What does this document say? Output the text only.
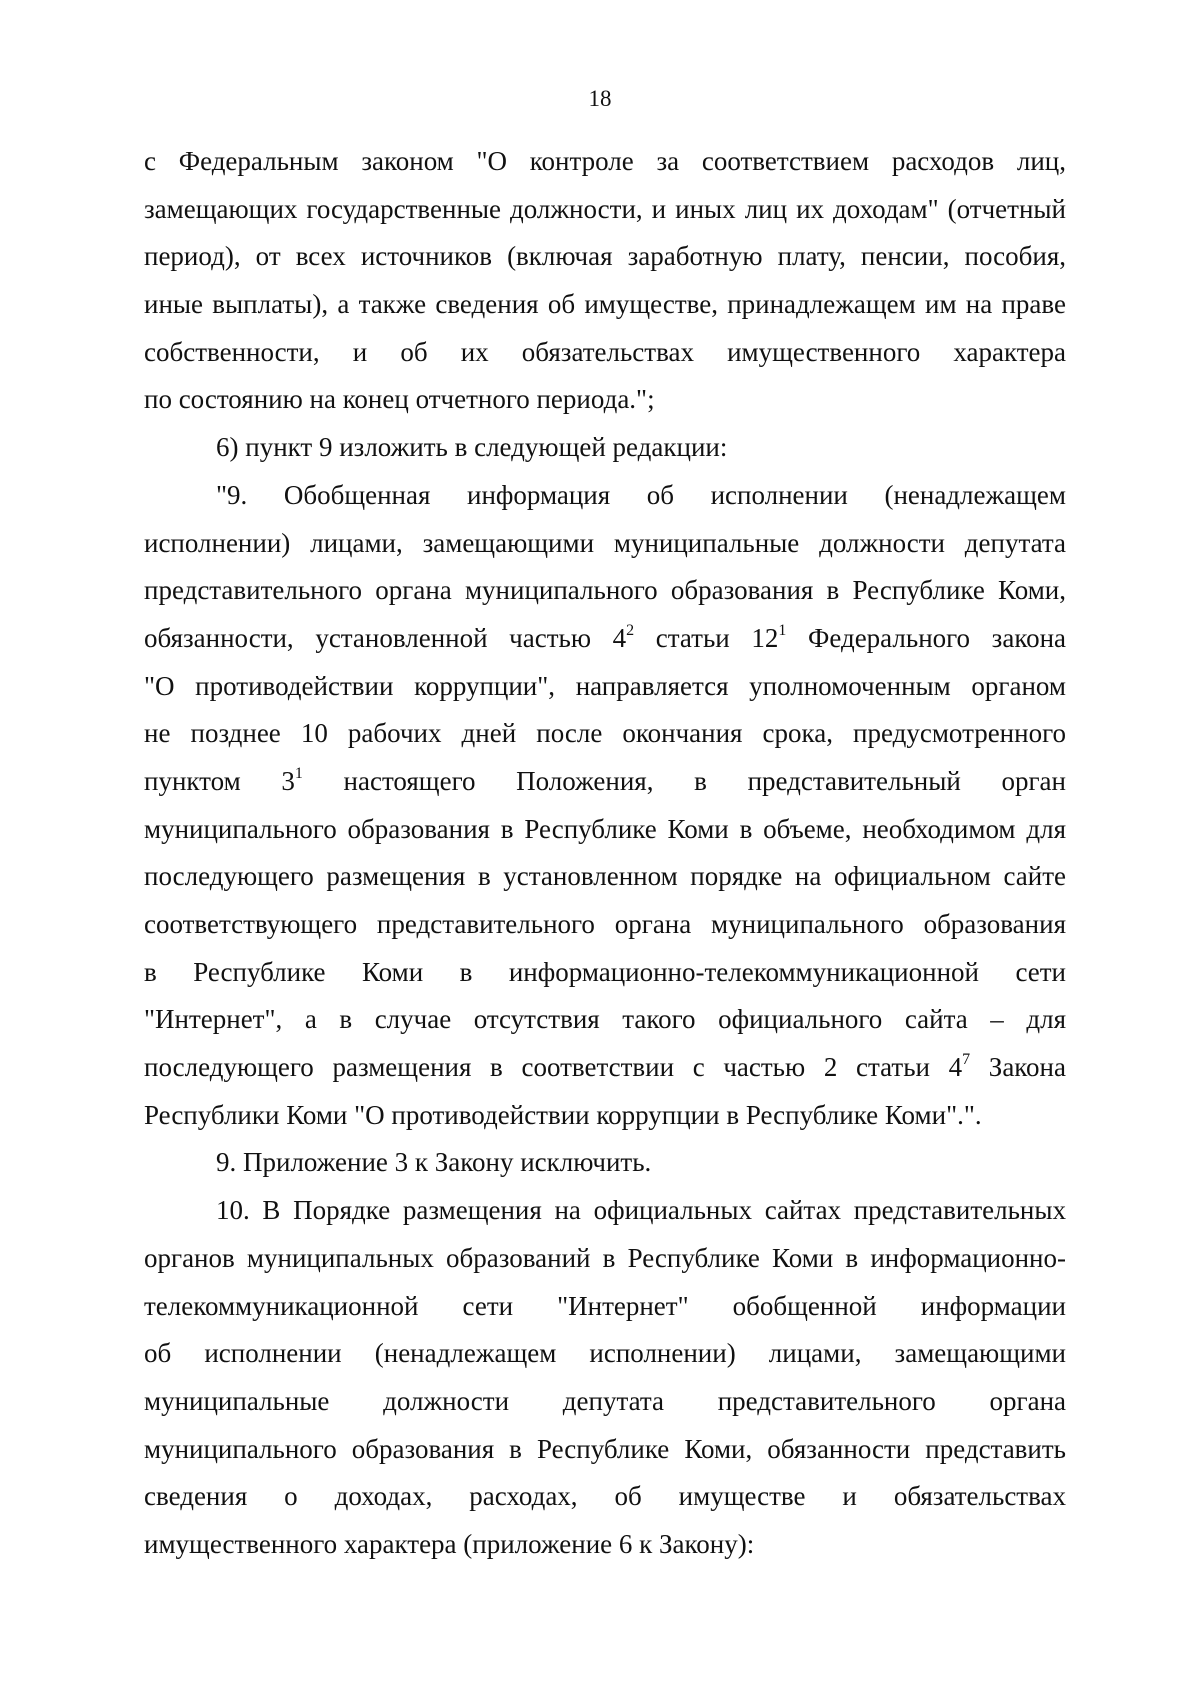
18
с Федеральным законом "О контроле за соответствием расходов лиц,
замещающих государственные должности, и иных лиц их доходам" (отчетный
период), от всех источников (включая заработную плату, пенсии, пособия,
иные выплаты), а также сведения об имуществе, принадлежащем им на праве
собственности, и об их обязательствах имущественного характера
по состоянию на конец отчетного периода.";
6) пункт 9 изложить в следующей редакции:
"9. Обобщенная информация об исполнении (ненадлежащем
исполнении) лицами, замещающими муниципальные должности депутата
представительного органа муниципального образования в Республике Коми,
обязанности, установленной частью $4^2$ статьи $12^1$ Федерального закона
"О противодействии коррупции", направляется уполномоченным органом
не позднее 10 рабочих дней после окончания срока, предусмотренного
пунктом $3^1$ настоящего Положения, в представительный орган
муниципального образования в Республике Коми в объеме, необходимом для
последующего размещения в установленном порядке на официальном сайте
соответствующего представительного органа муниципального образования
в Республике Коми в информационно-телекоммуникационной сети
"Интернет", а в случае отсутствия такого официального сайта – для
последующего размещения в соответствии с частью 2 статьи $4^7$ Закона
Республики Коми "О противодействии коррупции в Республике Коми".".
9. Приложение 3 к Закону исключить.
10. В Порядке размещения на официальных сайтах представительных
органов муниципальных образований в Республике Коми в информационно-
телекоммуникационной сети "Интернет" обобщенной информации
об исполнении (ненадлежащем исполнении) лицами, замещающими
муниципальные должности депутата представительного органа
муниципального образования в Республике Коми, обязанности представить
сведения о доходах, расходах, об имуществе и обязательствах
имущественного характера (приложение 6 к Закону):
